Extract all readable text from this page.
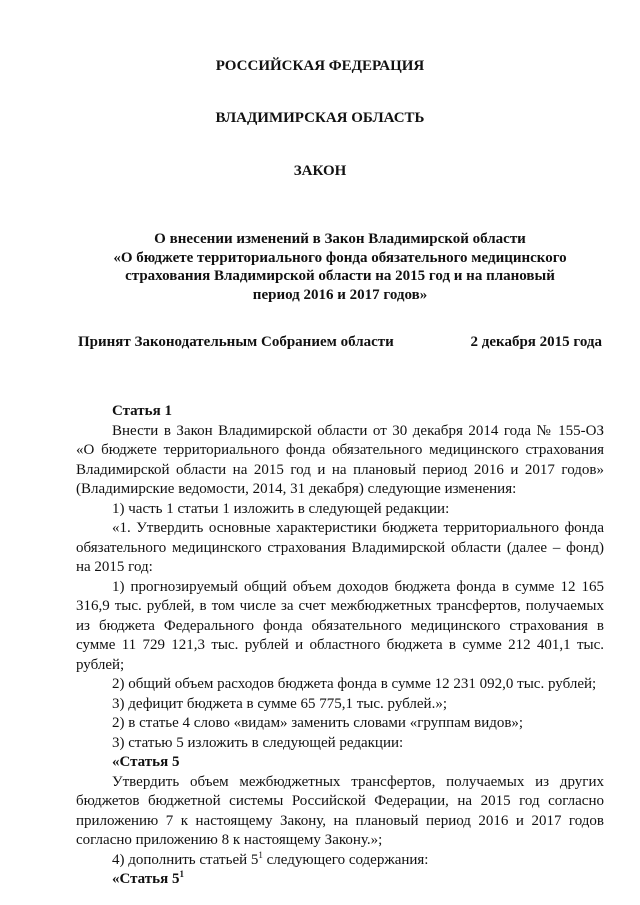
РОССИЙСКАЯ ФЕДЕРАЦИЯ
ВЛАДИМИРСКАЯ ОБЛАСТЬ
ЗАКОН
О внесении изменений в Закон Владимирской области
«О бюджете территориального фонда обязательного медицинского
страхования Владимирской области на 2015 год и на плановый
период 2016 и 2017 годов»
Принят Законодательным Собранием области	2 декабря 2015 года

Статья 1

Внести в Закон Владимирской области от 30 декабря 2014 года № 155-ОЗ «О бюджете территориального фонда обязательного медицинского страхования Владимирской области на 2015 год и на плановый период 2016 и 2017 годов» (Владимирские ведомости, 2014, 31 декабря) следующие изменения:

1) часть 1 статьи 1 изложить в следующей редакции:

«1. Утвердить основные характеристики бюджета территориального фонда обязательного медицинского страхования Владимирской области (далее – фонд) на 2015 год:

1) прогнозируемый общий объем доходов бюджета фонда в сумме 12 165 316,9 тыс. рублей, в том числе за счет межбюджетных трансфертов, получаемых из бюджета Федерального фонда обязательного медицинского страхования в сумме 11 729 121,3 тыс. рублей и областного бюджета в сумме 212 401,1 тыс. рублей;

2) общий объем расходов бюджета фонда в сумме 12 231 092,0 тыс. рублей;

3) дефицит бюджета в сумме 65 775,1 тыс. рублей.»;

2) в статье 4 слово «видам» заменить словами «группам видов»;

3) статью 5 изложить в следующей редакции:

«Статья 5

Утвердить объем межбюджетных трансфертов, получаемых из других бюджетов бюджетной системы Российской Федерации, на 2015 год согласно приложению 7 к настоящему Закону, на плановый период 2016 и 2017 годов согласно приложению 8 к настоящему Закону.»;

4) дополнить статьей $5^1$ следующего содержания:

«Статья $5^1$
